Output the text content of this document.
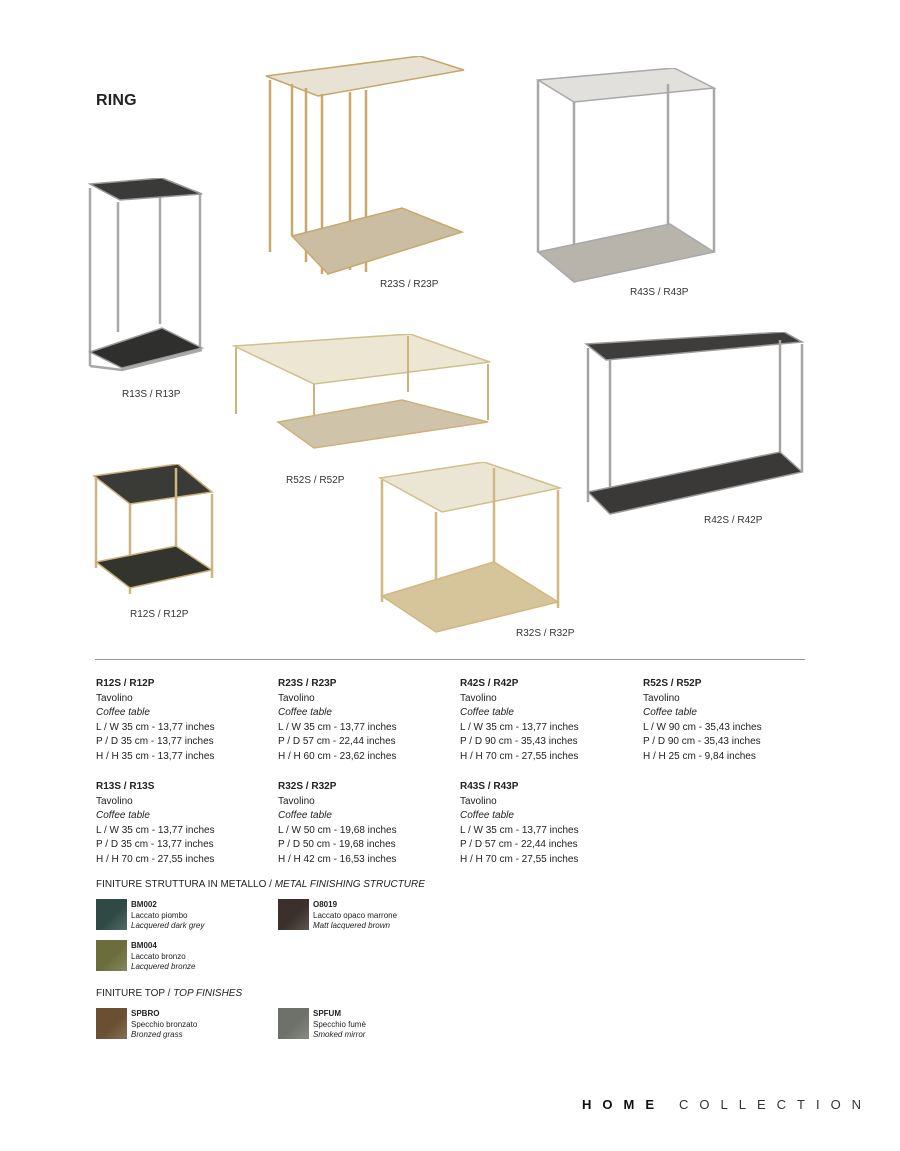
RING
R13S / R13P
R23S / R23P
R43S / R43P
R52S / R52P
R42S / R42P
R12S / R12P
R32S / R32P
R12S / R12P
Tavolino
Coffee table
L / W 35 cm - 13,77 inches
P / D 35 cm - 13,77 inches
H / H 35 cm - 13,77 inches
R23S / R23P
Tavolino
Coffee table
L / W 35 cm - 13,77 inches
P / D 57 cm - 22,44 inches
H / H 60 cm - 23,62 inches
R42S / R42P
Tavolino
Coffee table
L / W 35 cm - 13,77 inches
P / D 90 cm - 35,43 inches
H / H 70 cm - 27,55 inches
R52S / R52P
Tavolino
Coffee table
L / W 90 cm - 35,43 inches
P / D 90 cm - 35,43 inches
H / H 25 cm - 9,84 inches
R13S / R13S
Tavolino
Coffee table
L / W 35 cm - 13,77 inches
P / D 35 cm - 13,77 inches
H / H 70 cm - 27,55 inches
R32S / R32P
Tavolino
Coffee table
L / W 50 cm - 19,68 inches
P / D 50 cm - 19,68 inches
H / H 42 cm - 16,53 inches
R43S / R43P
Tavolino
Coffee table
L / W 35 cm - 13,77 inches
P / D 57 cm - 22,44 inches
H / H 70 cm - 27,55 inches
FINITURE STRUTTURA IN METALLO / METAL FINISHING STRUCTURE
BM002
Laccato piombo
Lacquered dark grey
O8019
Laccato opaco marrone
Matt lacquered brown
BM004
Laccato bronzo
Lacquered bronze
FINITURE TOP / TOP FINISHES
SPBRO
Specchio bronzato
Bronzed grass
SPFUM
Specchio fumè
Smoked mirror
HOME COLLECTION
